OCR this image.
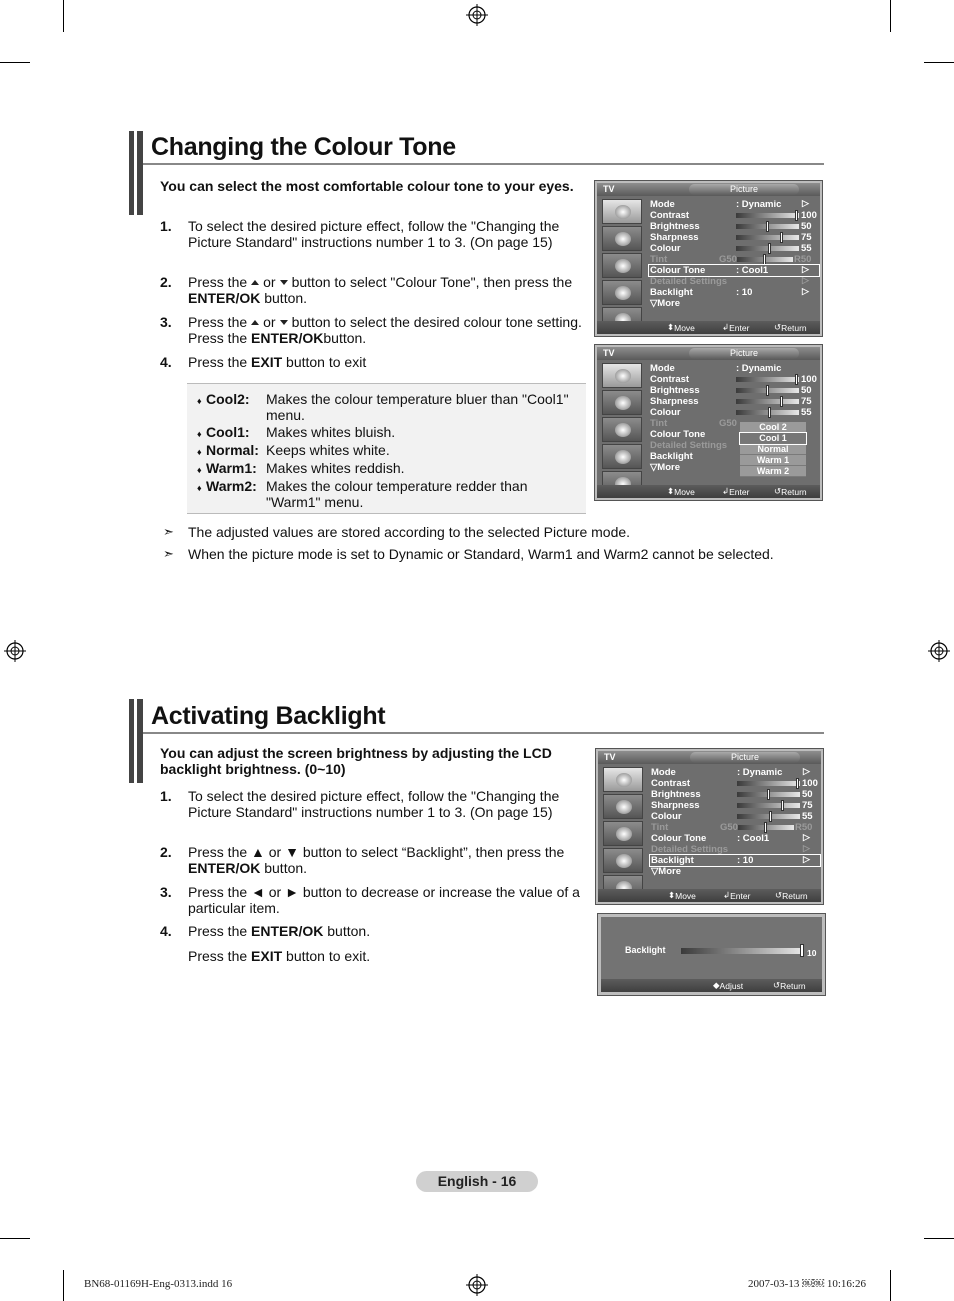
Changing the Colour Tone
You can select the most comfortable colour tone to your eyes.
1. To select the desired picture effect, follow the "Changing the Picture Standard" instructions number 1 to 3. (On page 15)
2. Press the or button to select "Colour Tone", then press the ENTER/OK button.
3. Press the or button to select the desired colour tone setting. Press the ENTER/OKbutton.
4. Press the EXIT button to exit
♦ Cool2: Makes the colour temperature bluer than "Cool1" menu.
♦ Cool1: Makes whites bluish.
♦ Normal: Keeps whites white.
♦ Warm1: Makes whites reddish.
♦ Warm2: Makes the colour temperature redder than "Warm1" menu.
➣ The adjusted values are stored according to the selected Picture mode.
➣ When the picture mode is set to Dynamic or Standard, Warm1 and Warm2 cannot be selected.
TV	Picture
Mode	: Dynamic ▷
Contrast	100
Brightness	50
Sharpness	75
Colour	55
Tint	G50	R50
Colour Tone	: Cool1	▷
Detailed Settings	▷
Backlight	: 10	▷
▽More
⬍ Move	↲ Enter	↺ Return
TV	Picture
Mode	: Dynamic
Contrast	100
Brightness	50
Sharpness	75
Colour	55
Tint	G50
Colour Tone
Detailed Settings
Backlight
▽More
Cool 2
Cool 1
Normal
Warm 1
Warm 2
⬍ Move	↲ Enter	↺ Return
Activating Backlight
You can adjust the screen brightness by adjusting the LCD backlight brightness. (0~10)
1. To select the desired picture effect, follow the "Changing the Picture Standard" instructions number 1 to 3. (On page 15)
2. Press the ▲ or ▼ button to select “Backlight”, then press the ENTER/OK button.
3. Press the ◄ or ► button to decrease or increase the value of a particular item.
4. Press the ENTER/OK button.
Press the EXIT button to exit.
TV	Picture
Mode	: Dynamic ▷
Contrast	100
Brightness	50
Sharpness	75
Colour	55
Tint	G50	R50
Colour Tone	: Cool1	▷
Detailed Settings	▷
Backlight	: 10	▷
▽More
⬍ Move	↲ Enter	↺ Return
Backlight	10
◆ Adjust	↺ Return
English - 16
BN68-01169H-Eng-0313.indd 16	2007-03-13 ￼￼ 10:16:26
